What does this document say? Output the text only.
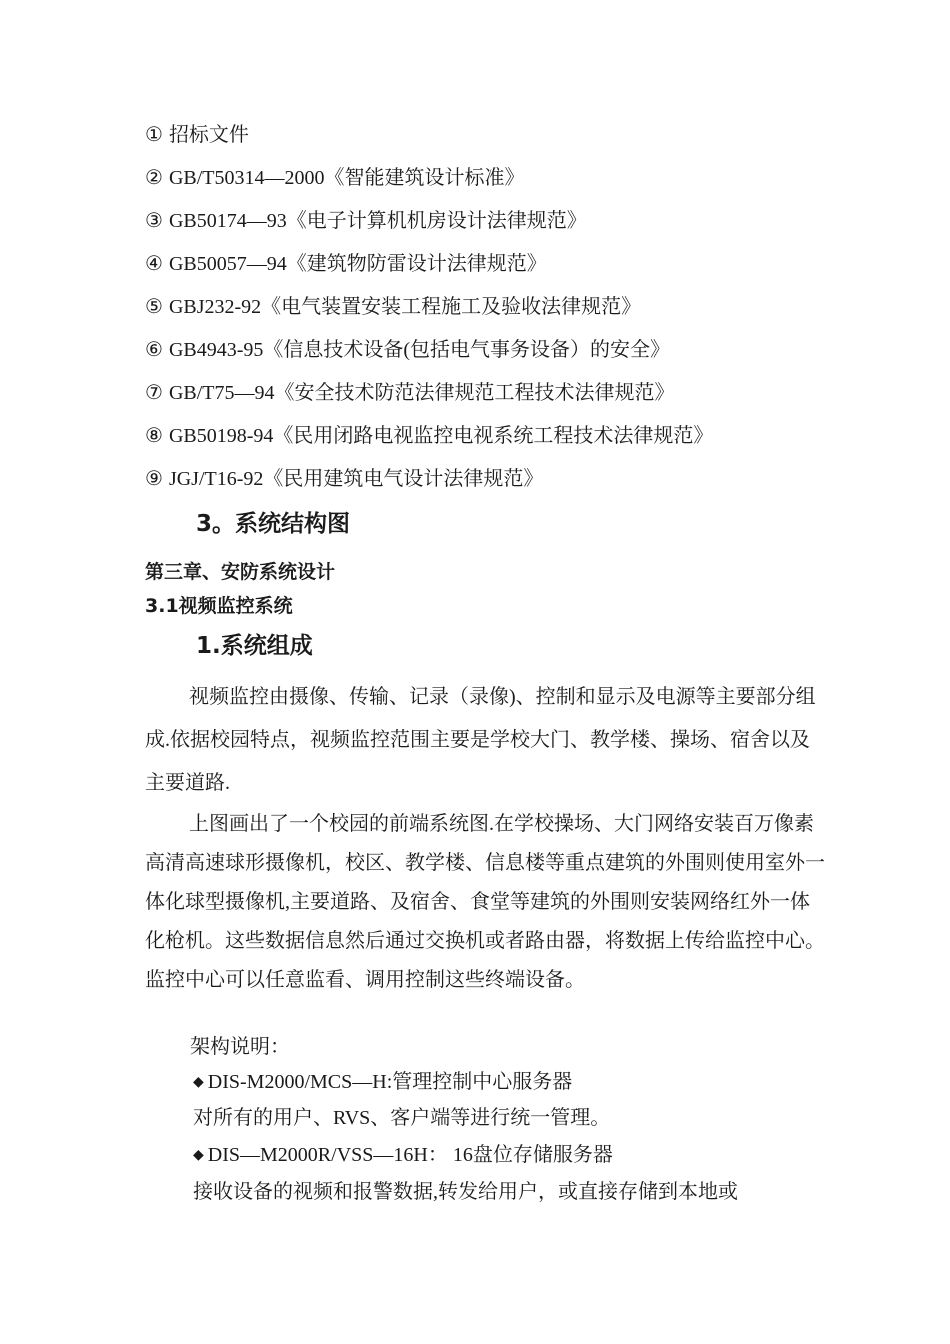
① 招标文件
② GB/T50314—2000《智能建筑设计标准》
③ GB50174—93《电子计算机机房设计法律规范》
④ GB50057—94《建筑物防雷设计法律规范》
⑤ GBJ232-92《电气装置安装工程施工及验收法律规范》
⑥ GB4943-95《信息技术设备(包括电气事务设备）的安全》
⑦ GB/T75—94《安全技术防范法律规范工程技术法律规范》
⑧ GB50198-94《民用闭路电视监控电视系统工程技术法律规范》
⑨ JGJ/T16-92《民用建筑电气设计法律规范》
3。系统结构图
第三章、安防系统设计
3.1视频监控系统
1.系统组成

视频监控由摄像、传输、记录（录像)、控制和显示及电源等主要部分组成.依据校园特点，视频监控范围主要是学校大门、教学楼、操场、宿舍以及主要道路.

上图画出了一个校园的前端系统图.在学校操场、大门网络安装百万像素高清高速球形摄像机，校区、教学楼、信息楼等重点建筑的外围则使用室外一体化球型摄像机,主要道路、及宿舍、食堂等建筑的外围则安装网络红外一体化枪机。这些数据信息然后通过交换机或者路由器，将数据上传给监控中心。监控中心可以任意监看、调用控制这些终端设备。

架构说明：
◆ DIS-M2000/MCS—H:管理控制中心服务器
对所有的用户、RVS、客户端等进行统一管理。
◆ DIS—M2000R/VSS—16H： 16盘位存储服务器
接收设备的视频和报警数据,转发给用户，或直接存储到本地或
